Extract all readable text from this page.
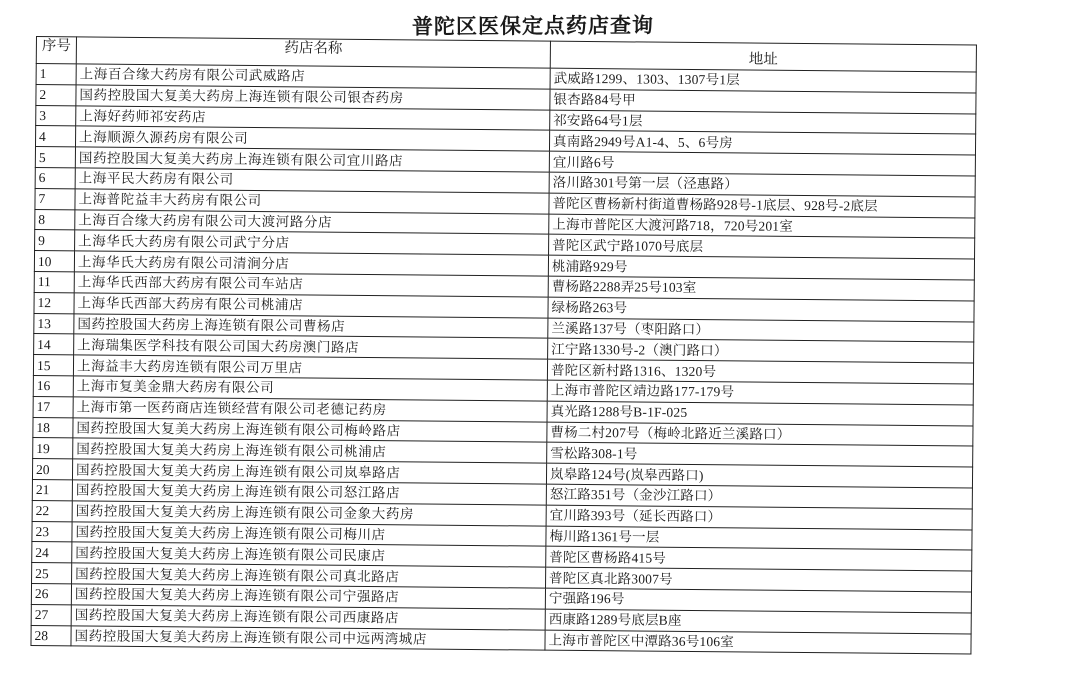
普陀区医保定点药店查询
序号	药店名称	地址
1	上海百合缘大药房有限公司武威路店	武威路1299、1303、1307号1层
2	国药控股国大复美大药房上海连锁有限公司银杏药房	银杏路84号甲
3	上海好药师祁安药店	祁安路64号1层
4	上海顺源久源药房有限公司	真南路2949号A1-4、5、6号房
5	国药控股国大复美大药房上海连锁有限公司宜川路店	宜川路6号
6	上海平民大药房有限公司	洛川路301号第一层（泾惠路）
7	上海普陀益丰大药房有限公司	普陀区曹杨新村街道曹杨路928号-1底层、928号-2底层
8	上海百合缘大药房有限公司大渡河路分店	上海市普陀区大渡河路718，720号201室
9	上海华氏大药房有限公司武宁分店	普陀区武宁路1070号底层
10	上海华氏大药房有限公司清涧分店	桃浦路929号
11	上海华氏西部大药房有限公司车站店	曹杨路2288弄25号103室
12	上海华氏西部大药房有限公司桃浦店	绿杨路263号
13	国药控股国大药房上海连锁有限公司曹杨店	兰溪路137号（枣阳路口）
14	上海瑞集医学科技有限公司国大药房澳门路店	江宁路1330号-2（澳门路口）
15	上海益丰大药房连锁有限公司万里店	普陀区新村路1316、1320号
16	上海市复美金鼎大药房有限公司	上海市普陀区靖边路177-179号
17	上海市第一医药商店连锁经营有限公司老德记药房	真光路1288号B-1F-025
18	国药控股国大复美大药房上海连锁有限公司梅岭路店	曹杨二村207号（梅岭北路近兰溪路口）
19	国药控股国大复美大药房上海连锁有限公司桃浦店	雪松路308-1号
20	国药控股国大复美大药房上海连锁有限公司岚皋路店	岚皋路124号(岚皋西路口)
21	国药控股国大复美大药房上海连锁有限公司怒江路店	怒江路351号（金沙江路口）
22	国药控股国大复美大药房上海连锁有限公司金象大药房	宜川路393号（延长西路口）
23	国药控股国大复美大药房上海连锁有限公司梅川店	梅川路1361号一层
24	国药控股国大复美大药房上海连锁有限公司民康店	普陀区曹杨路415号
25	国药控股国大复美大药房上海连锁有限公司真北路店	普陀区真北路3007号
26	国药控股国大复美大药房上海连锁有限公司宁强路店	宁强路196号
27	国药控股国大复美大药房上海连锁有限公司西康路店	西康路1289号底层B座
28	国药控股国大复美大药房上海连锁有限公司中远两湾城店	上海市普陀区中潭路36号106室
